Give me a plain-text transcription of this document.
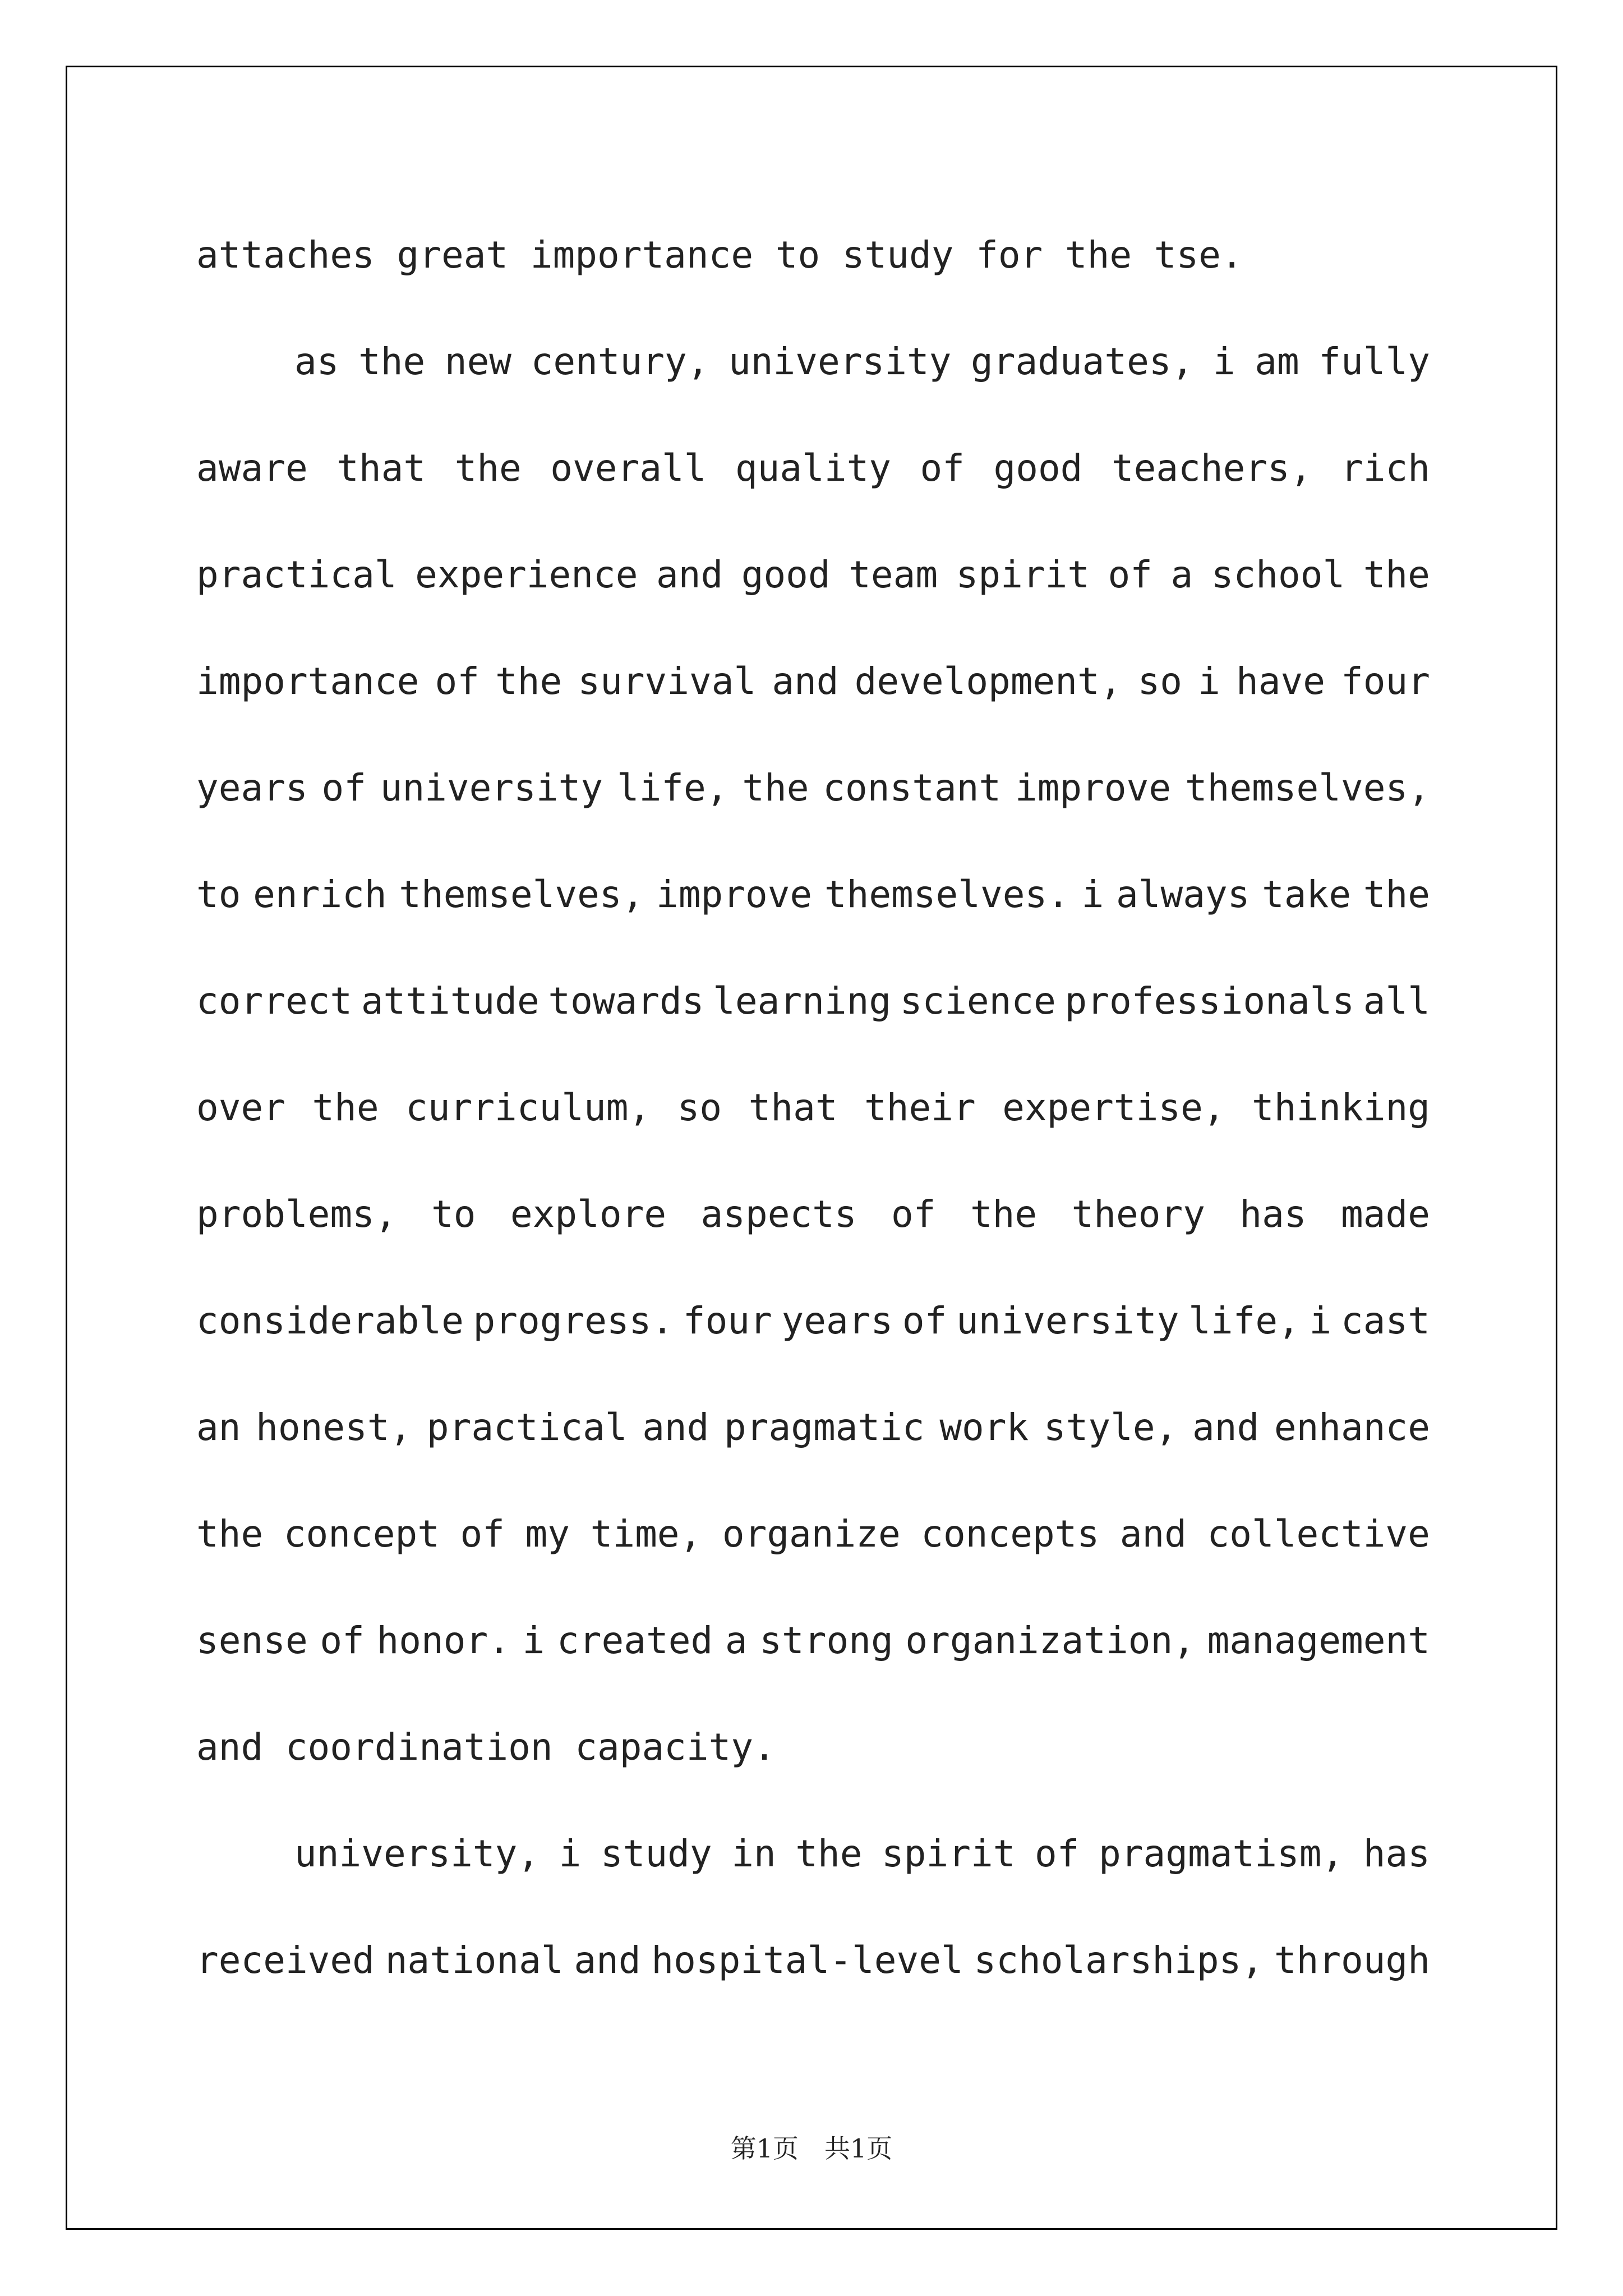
attaches great importance to study for the tse.
as the new century, university graduates, i am fully
aware that the overall quality of good teachers, rich
practical experience and good team spirit of a school the
importance of the survival and development, so i have four
years of university life, the constant improve themselves,
to enrich themselves, improve themselves. i always take the
correct attitude towards learning science professionals all
over the curriculum, so that their expertise, thinking
problems, to explore aspects of the theory has made
considerable progress. four years of university life, i cast
an honest, practical and pragmatic work style, and enhance
the concept of my time, organize concepts and collective
sense of honor. i created a strong organization, management
and coordination capacity.
university, i study in the spirit of pragmatism, has
received national and hospital-level scholarships, through
第1页　共1页
